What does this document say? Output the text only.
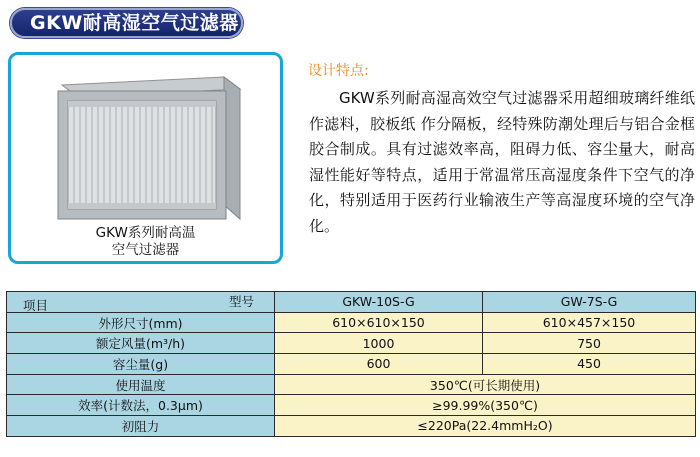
GKW耐高湿空气过滤器
GKW系列耐高温
空气过滤器
设计特点:

GKW系列耐高湿高效空气过滤器采用超细玻璃纤维纸作滤料，胶板纸 作分隔板，经特殊防潮处理后与铝合金框胶合制成。具有过滤效率高，阻碍力低、容尘量大，耐高湿性能好等特点，适用于常温常压高湿度条件下空气的净化，特别适用于医药行业输液生产等高湿度环境的空气净化。

项目 型号	GKW-10S-G	GW-7S-G
外形尺寸(mm)	610×610×150	610×457×150
额定风量(m³/h)	1000	750
容尘量(g)	600	450
使用温度	350℃(可长期使用)	
效率(计数法，0.3μm)	≥99.99%(350℃)	
初阻力	≤220Pa(22.4mmH₂O)	
